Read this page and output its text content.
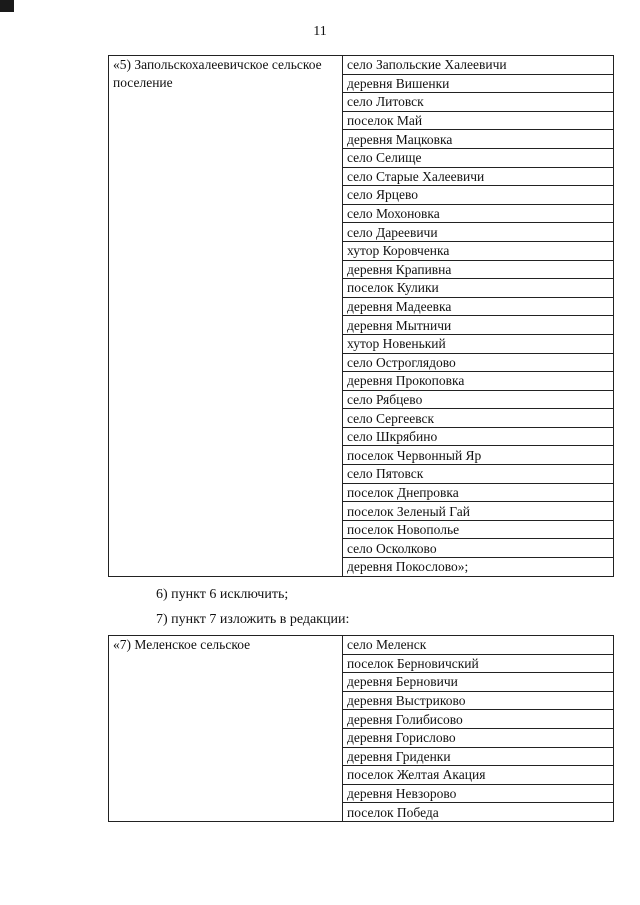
11
«5) Запольскохалеевичское сельское поселение	село Запольские Халеевичи
деревня Вишенки
село Литовск
поселок Май
деревня Мацковка
село Селище
село Старые Халеевичи
село Ярцево
село Мохоновка
село Дареевичи
хутор Коровченка
деревня Крапивна
поселок Кулики
деревня Мадеевка
деревня Мытничи
хутор Новенький
село Остроглядово
деревня Прокоповка
село Рябцево
село Сергеевск
село Шкрябино
поселок Червонный Яр
село Пятовск
поселок Днепровка
поселок Зеленый Гай
поселок Новополье
село Осколково
деревня Покослово»;
6) пункт 6 исключить;
7) пункт 7 изложить в редакции:
«7) Меленское сельское	село Меленск
поселок Берновичский
деревня Берновичи
деревня Выстриково
деревня Голибисово
деревня Горислово
деревня Гриденки
поселок Желтая Акация
деревня Невзорово
поселок Победа
